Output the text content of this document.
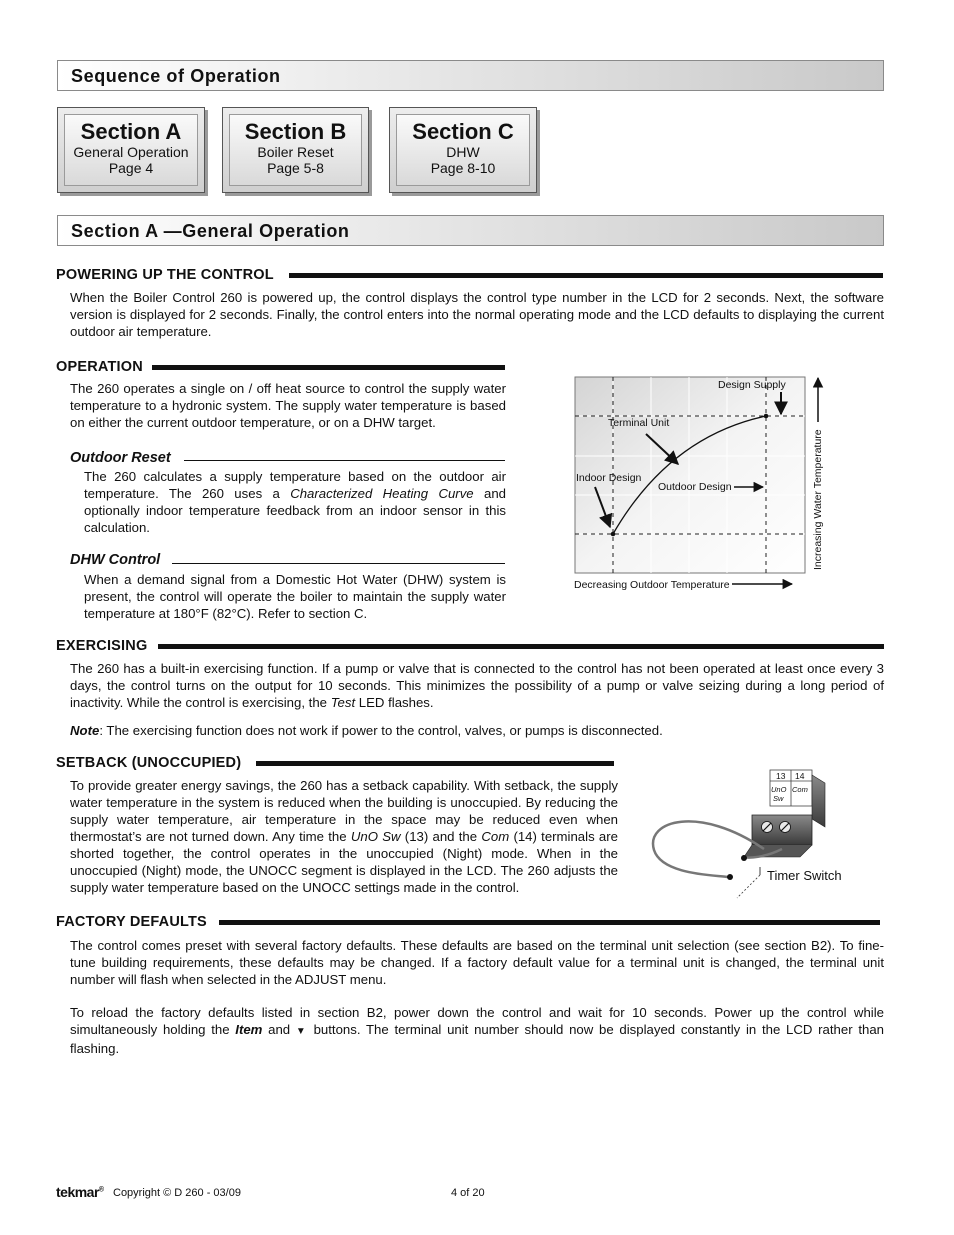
Sequence of Operation
Section A
General Operation
Page 4
Section B
Boiler Reset
Page 5-8
Section C
DHW
Page 8-10
Section A —General Operation
POWERING UP THE CONTROL

When the Boiler Control 260 is powered up, the control displays the control type number in the LCD for 2 seconds. Next, the software version is displayed for 2 seconds. Finally, the control enters into the normal operating mode and the LCD defaults to displaying the current outdoor air temperature.

OPERATION

The 260 operates a single on / off heat source to control the supply water temperature to a hydronic system. The supply water temperature is based on either the current outdoor temperature, or on a DHW target.

Outdoor Reset

The 260 calculates a supply temperature based on the outdoor air temperature. The 260 uses a Characterized Heating Curve and optionally indoor temperature feedback from an indoor sensor in this calculation.

DHW Control

When a demand signal from a Domestic Hot Water (DHW) system is present, the control will operate the boiler to maintain the supply water temperature at 180°F (82°C). Refer to section C.

Design Supply
Terminal Unit
Indoor Design
Outdoor Design
Decreasing Outdoor Temperature
Increasing Water Temperature
EXERCISING

The 260 has a built-in exercising function. If a pump or valve that is connected to the control has not been operated at least once every 3 days, the control turns on the output for 10 seconds. This minimizes the possibility of a pump or valve seizing during a long period of inactivity. While the control is exercising, the Test LED flashes.

Note: The exercising function does not work if power to the control, valves, or pumps is disconnected.

SETBACK (UNOCCUPIED)

To provide greater energy savings, the 260 has a setback capability. With setback, the supply water temperature in the system is reduced when the building is unoccupied. By reducing the supply water temperature, air temperature in the space may be reduced even when thermostat’s are not turned down. Any time the UnO Sw (13) and the Com (14) terminals are shorted together, the control operates in the unoccupied (Night) mode. When in the unoccupied (Night) mode, the UNOCC segment is displayed in the LCD. The 260 adjusts the supply water temperature based on the UNOCC settings made in the control.

13 14
UnO
Sw
Com
Timer Switch
FACTORY DEFAULTS

The control comes preset with several factory defaults. These defaults are based on the terminal unit selection (see section B2). To fine-tune building requirements, these defaults may be changed. If a factory default value for a terminal unit is changed, the terminal unit number will flash when selected in the ADJUST menu.

To reload the factory defaults listed in section B2, power down the control and wait for 10 seconds. Power up the control while simultaneously holding the Item and ▼ buttons. The terminal unit number should now be displayed constantly in the LCD rather than flashing.

tekmar® Copyright © D 260 - 03/09	4 of 20
